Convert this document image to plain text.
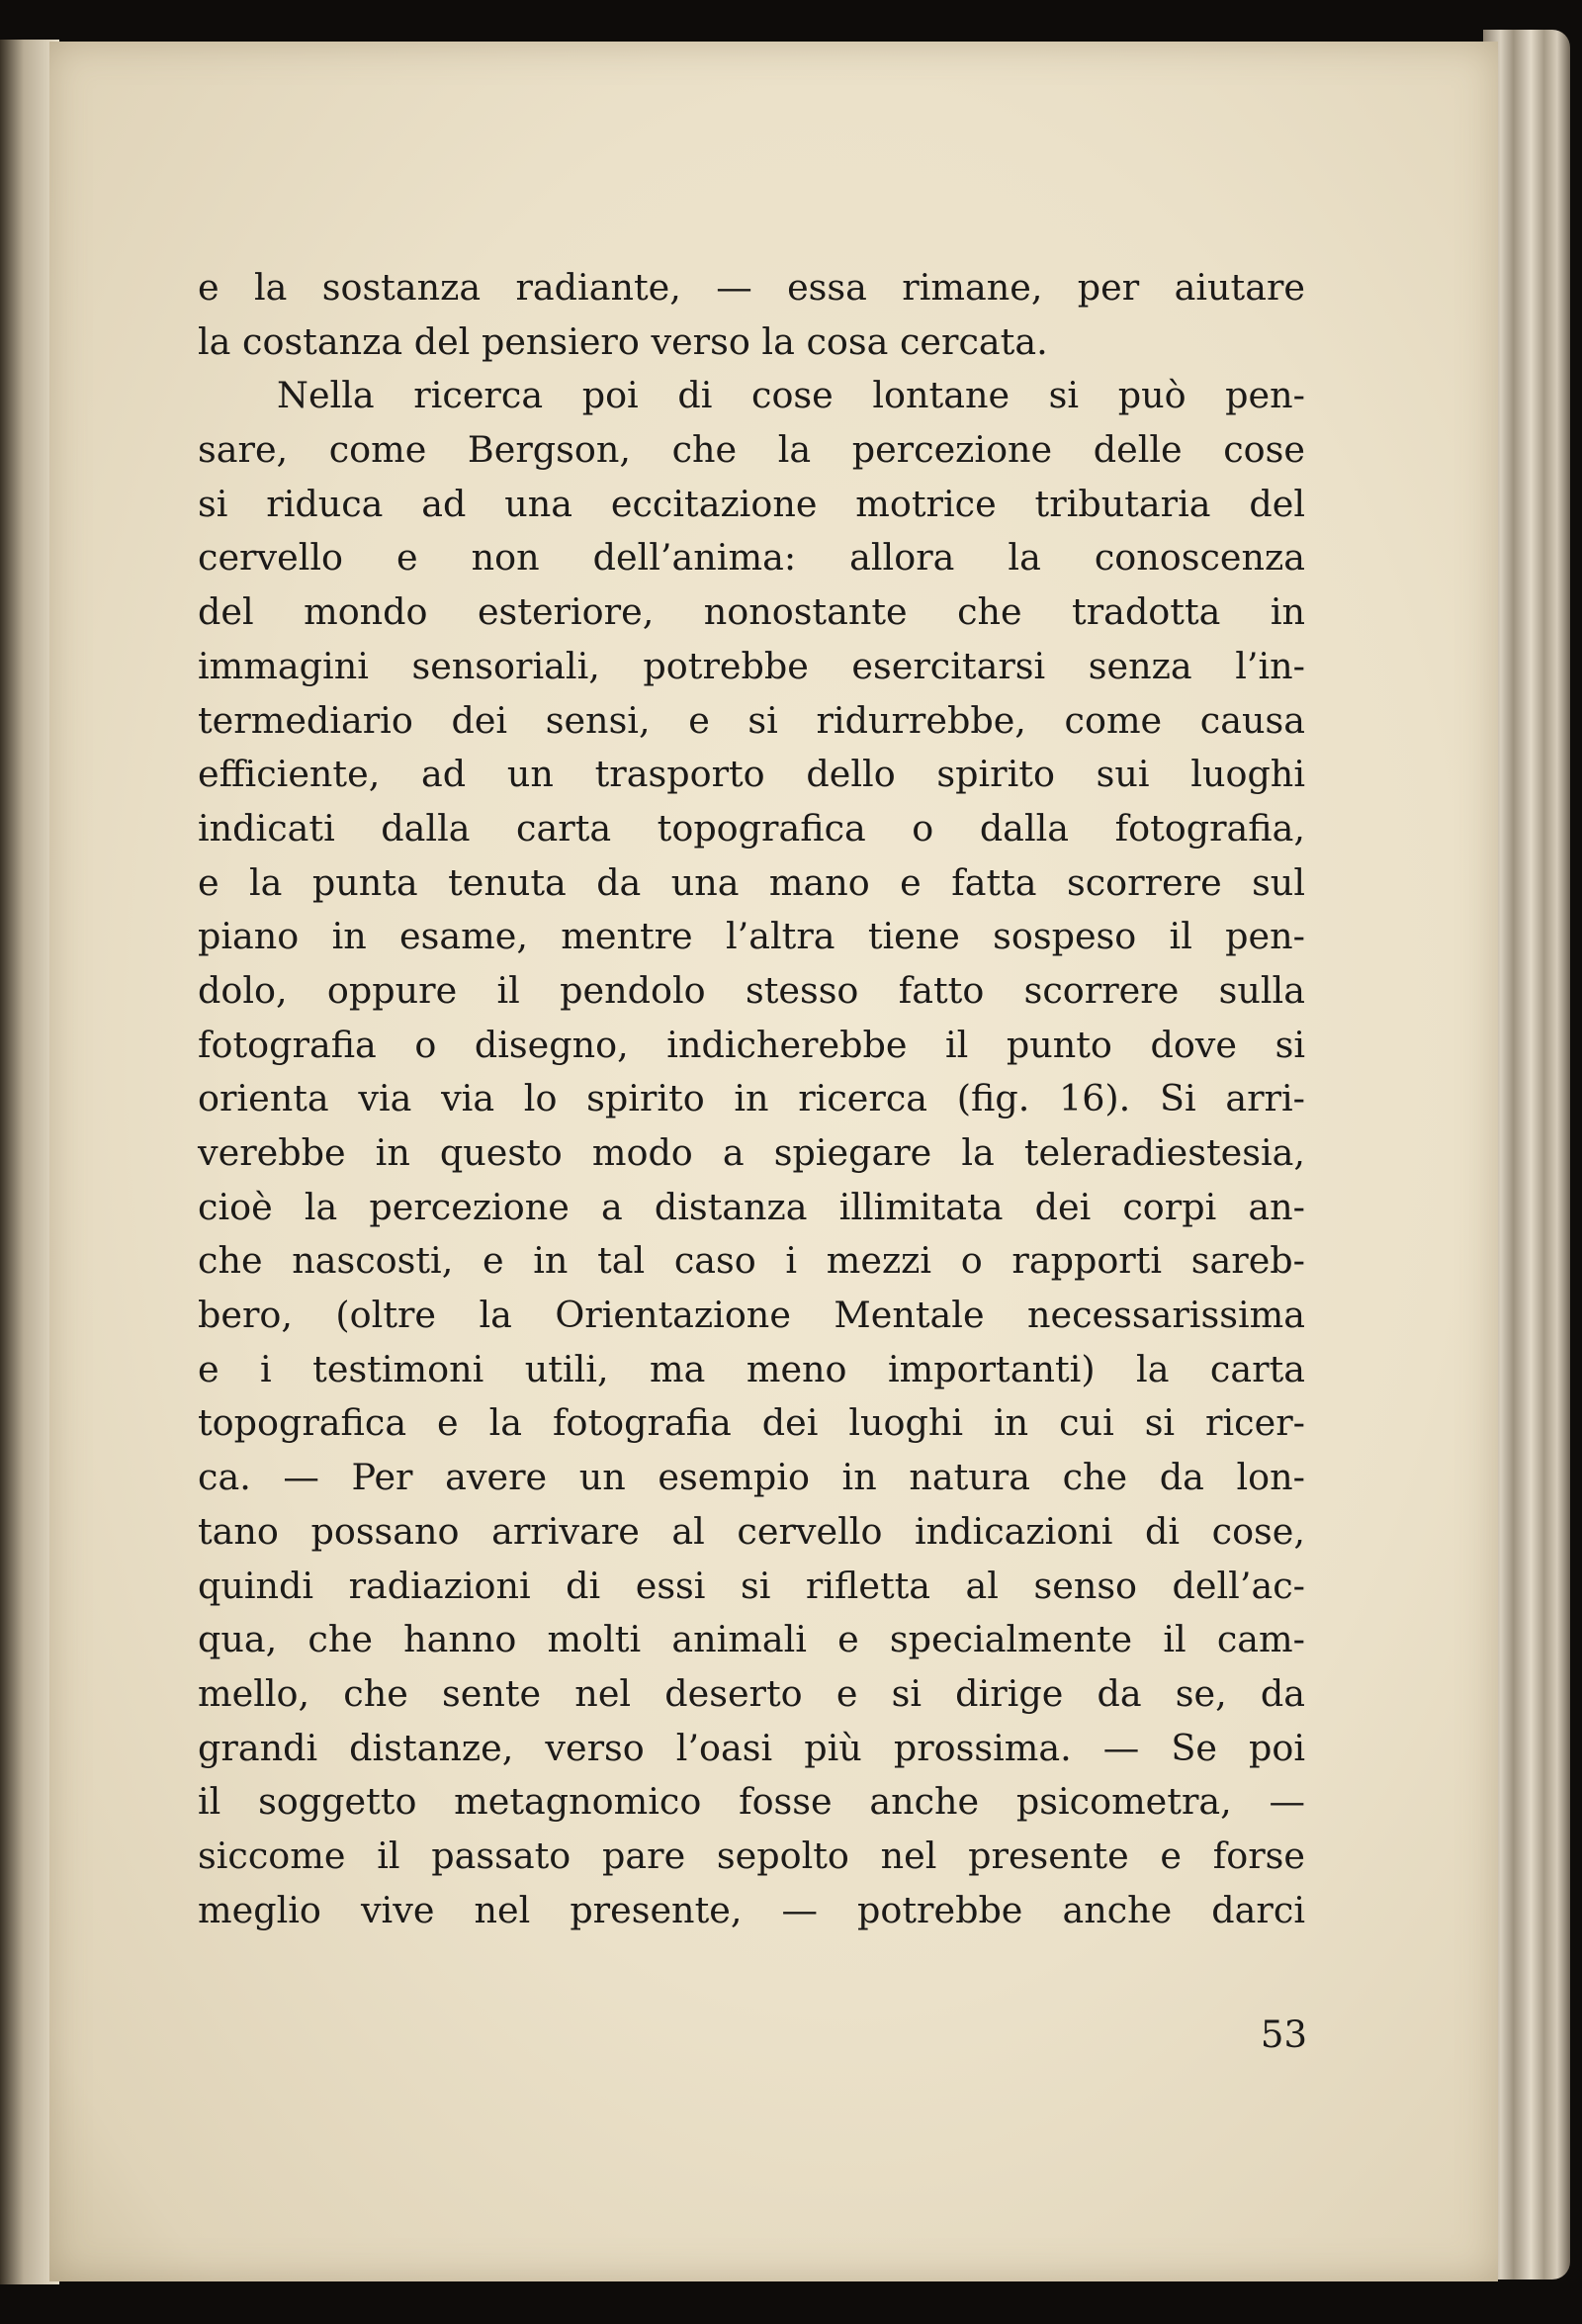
e la sostanza radiante, — essa rimane, per aiutare
la costanza del pensiero verso la cosa cercata.
Nella ricerca poi di cose lontane si può pen-
sare, come Bergson, che la percezione delle cose
si riduca ad una eccitazione motrice tributaria del
cervello e non dell’anima: allora la conoscenza
del mondo esteriore, nonostante che tradotta in
immagini sensoriali, potrebbe esercitarsi senza l’in-
termediario dei sensi, e si ridurrebbe, come causa
efficiente, ad un trasporto dello spirito sui luoghi
indicati dalla carta topografica o dalla fotografia,
e la punta tenuta da una mano e fatta scorrere sul
piano in esame, mentre l’altra tiene sospeso il pen-
dolo, oppure il pendolo stesso fatto scorrere sulla
fotografia o disegno, indicherebbe il punto dove si
orienta via via lo spirito in ricerca (fig. 16). Si arri-
verebbe in questo modo a spiegare la teleradiestesia,
cioè la percezione a distanza illimitata dei corpi an-
che nascosti, e in tal caso i mezzi o rapporti sareb-
bero, (oltre la Orientazione Mentale necessarissima
e i testimoni utili, ma meno importanti) la carta
topografica e la fotografia dei luoghi in cui si ricer-
ca. — Per avere un esempio in natura che da lon-
tano possano arrivare al cervello indicazioni di cose,
quindi radiazioni di essi si rifletta al senso dell’ac-
qua, che hanno molti animali e specialmente il cam-
mello, che sente nel deserto e si dirige da se, da
grandi distanze, verso l’oasi più prossima. — Se poi
il soggetto metagnomico fosse anche psicometra, —
siccome il passato pare sepolto nel presente e forse
meglio vive nel presente, — potrebbe anche darci
53
